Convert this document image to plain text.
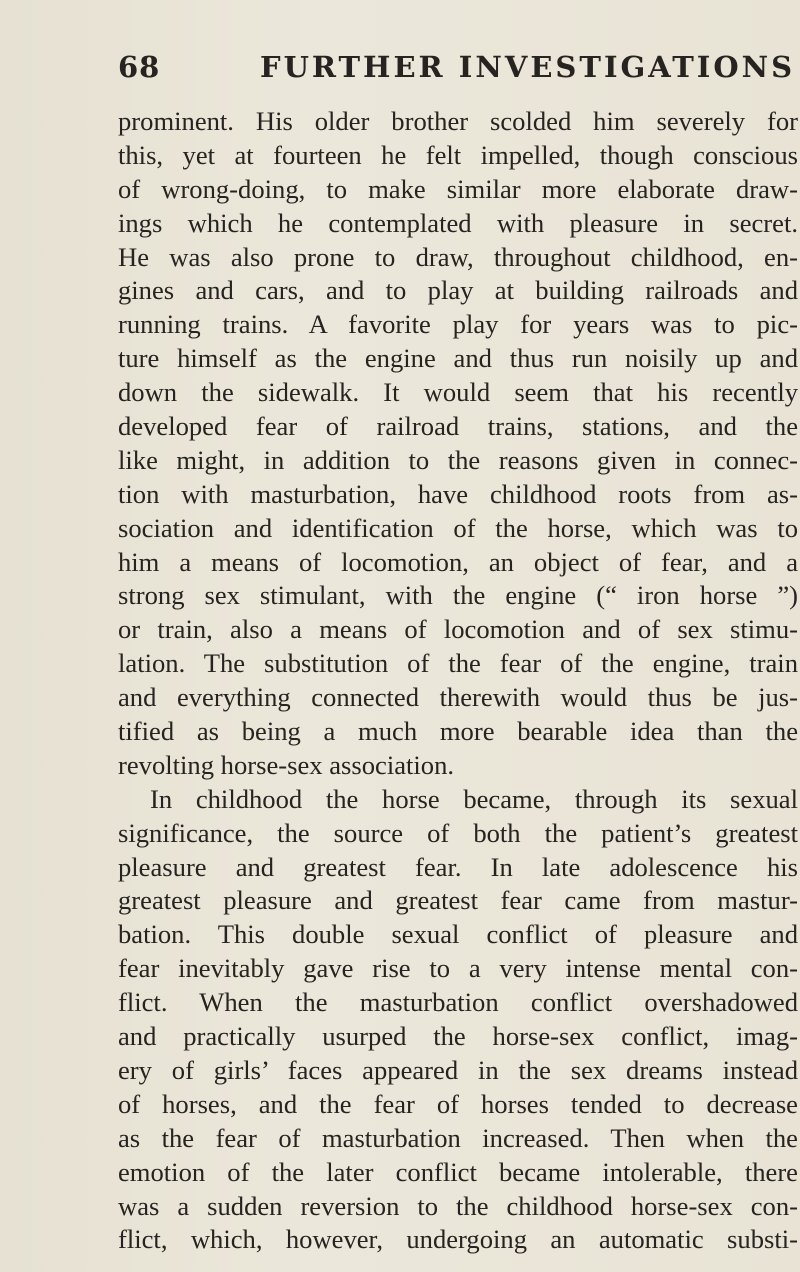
68	FURTHER INVESTIGATIONS
prominent. His older brother scolded him severely for
this, yet at fourteen he felt impelled, though conscious
of wrong-doing, to make similar more elaborate draw-
ings which he contemplated with pleasure in secret.
He was also prone to draw, throughout childhood, en-
gines and cars, and to play at building railroads and
running trains. A favorite play for years was to pic-
ture himself as the engine and thus run noisily up and
down the sidewalk. It would seem that his recently
developed fear of railroad trains, stations, and the
like might, in addition to the reasons given in connec-
tion with masturbation, have childhood roots from as-
sociation and identification of the horse, which was to
him a means of locomotion, an object of fear, and a
strong sex stimulant, with the engine (“ iron horse ”)
or train, also a means of locomotion and of sex stimu-
lation. The substitution of the fear of the engine, train
and everything connected therewith would thus be jus-
tified as being a much more bearable idea than the
revolting horse-sex association.
In childhood the horse became, through its sexual
significance, the source of both the patient’s greatest
pleasure and greatest fear. In late adolescence his
greatest pleasure and greatest fear came from mastur-
bation. This double sexual conflict of pleasure and
fear inevitably gave rise to a very intense mental con-
flict. When the masturbation conflict overshadowed
and practically usurped the horse-sex conflict, imag-
ery of girls’ faces appeared in the sex dreams instead
of horses, and the fear of horses tended to decrease
as the fear of masturbation increased. Then when the
emotion of the later conflict became intolerable, there
was a sudden reversion to the childhood horse-sex con-
flict, which, however, undergoing an automatic substi-
